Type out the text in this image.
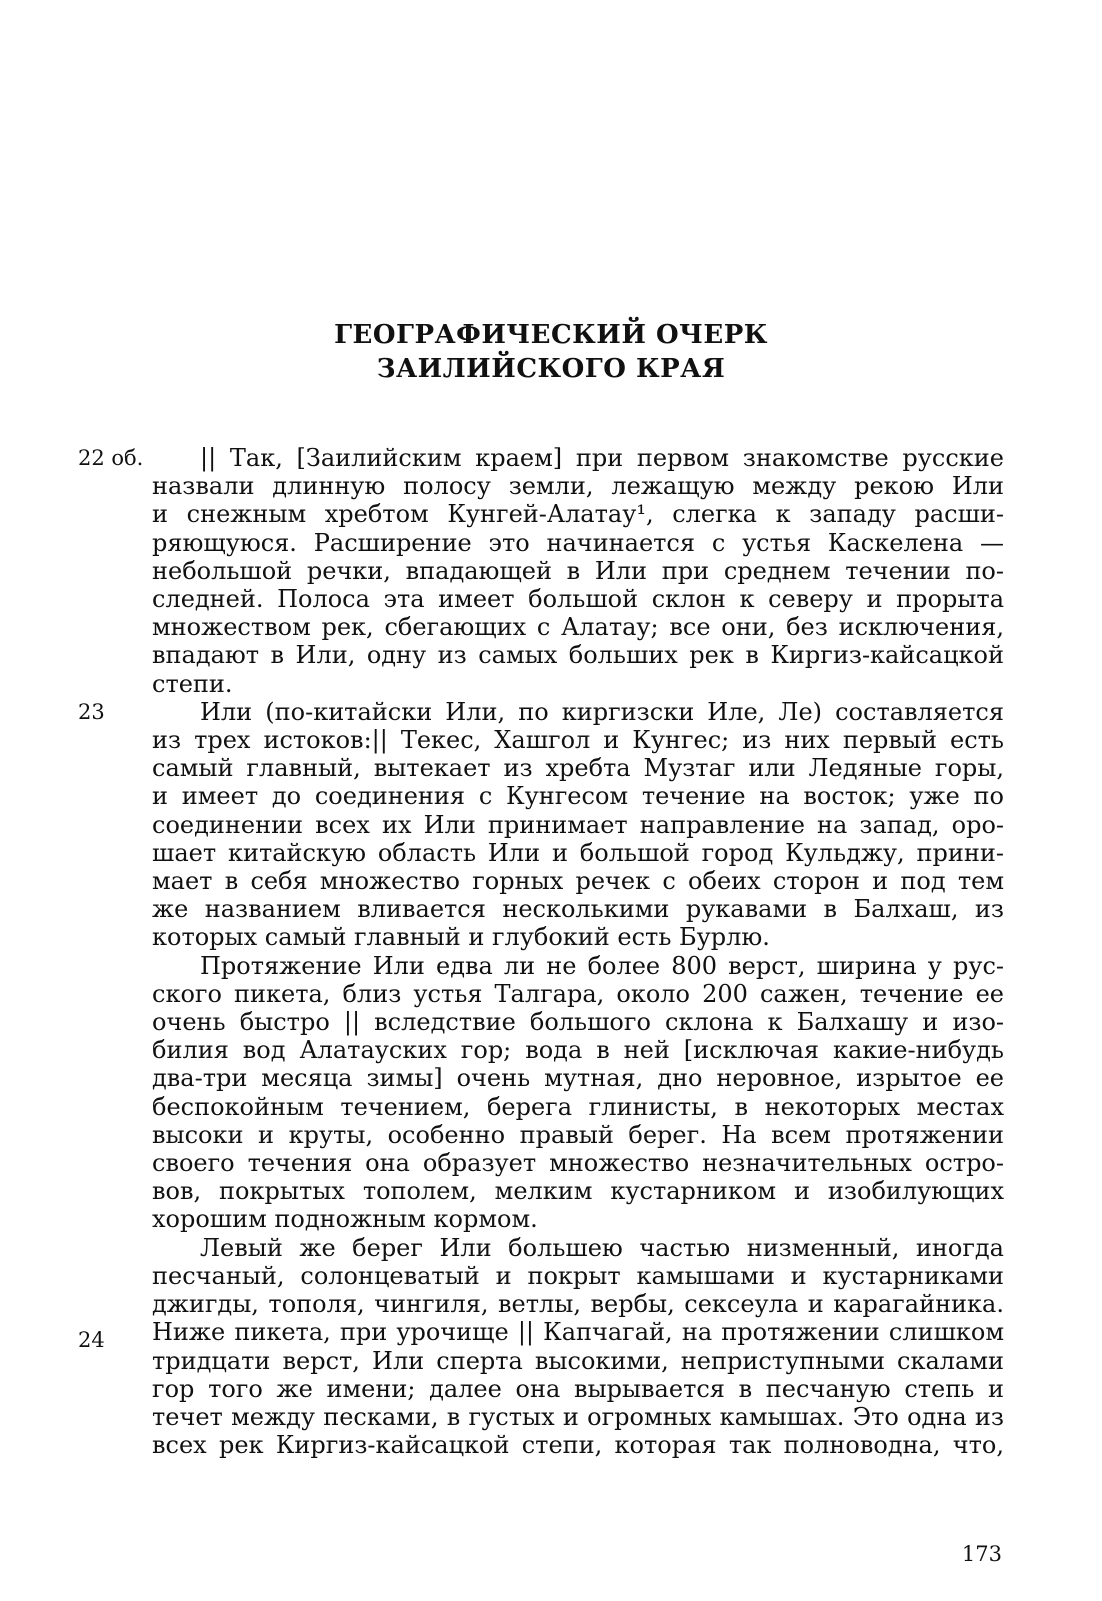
ГЕОГРАФИЧЕСКИЙ ОЧЕРК
ЗАИЛИЙСКОГО КРАЯ
22 об.
23
24
|| Так, [Заилийским краем] при первом знакомстве русские
назвали длинную полосу земли, лежащую между рекою Или
и снежным хребтом Кунгей-Алатау¹, слегка к западу расши-
ряющуюся. Расширение это начинается с устья Каскелена —
небольшой речки, впадающей в Или при среднем течении по-
следней. Полоса эта имеет большой склон к северу и прорыта
множеством рек, сбегающих с Алатау; все они, без исключения,
впадают в Или, одну из самых больших рек в Киргиз-кайсацкой
степи.
Или (по-китайски Или, по киргизски Иле, Ле) составляется
из трех истоков:|| Текес, Хашгол и Кунгес; из них первый есть
самый главный, вытекает из хребта Музтаг или Ледяные горы,
и имеет до соединения с Кунгесом течение на восток; уже по
соединении всех их Или принимает направление на запад, оро-
шает китайскую область Или и большой город Кульджу, прини-
мает в себя множество горных речек с обеих сторон и под тем
же названием вливается несколькими рукавами в Балхаш, из
которых самый главный и глубокий есть Бурлю.
Протяжение Или едва ли не более 800 верст, ширина у рус-
ского пикета, близ устья Талгара, около 200 сажен, течение ее
очень быстро || вследствие большого склона к Балхашу и изо-
билия вод Алатауских гор; вода в ней [исключая какие-нибудь
два-три месяца зимы] очень мутная, дно неровное, изрытое ее
беспокойным течением, берега глинисты, в некоторых местах
высоки и круты, особенно правый берег. На всем протяжении
своего течения она образует множество незначительных остро-
вов, покрытых тополем, мелким кустарником и изобилующих
хорошим подножным кормом.
Левый же берег Или большею частью низменный, иногда
песчаный, солонцеватый и покрыт камышами и кустарниками
джигды, тополя, чингиля, ветлы, вербы, сексеула и карагайника.
Ниже пикета, при урочище || Капчагай, на протяжении слишком
тридцати верст, Или сперта высокими, неприступными скалами
гор того же имени; далее она вырывается в песчаную степь и
течет между песками, в густых и огромных камышах. Это одна из
всех рек Киргиз-кайсацкой степи, которая так полноводна, что,
173
